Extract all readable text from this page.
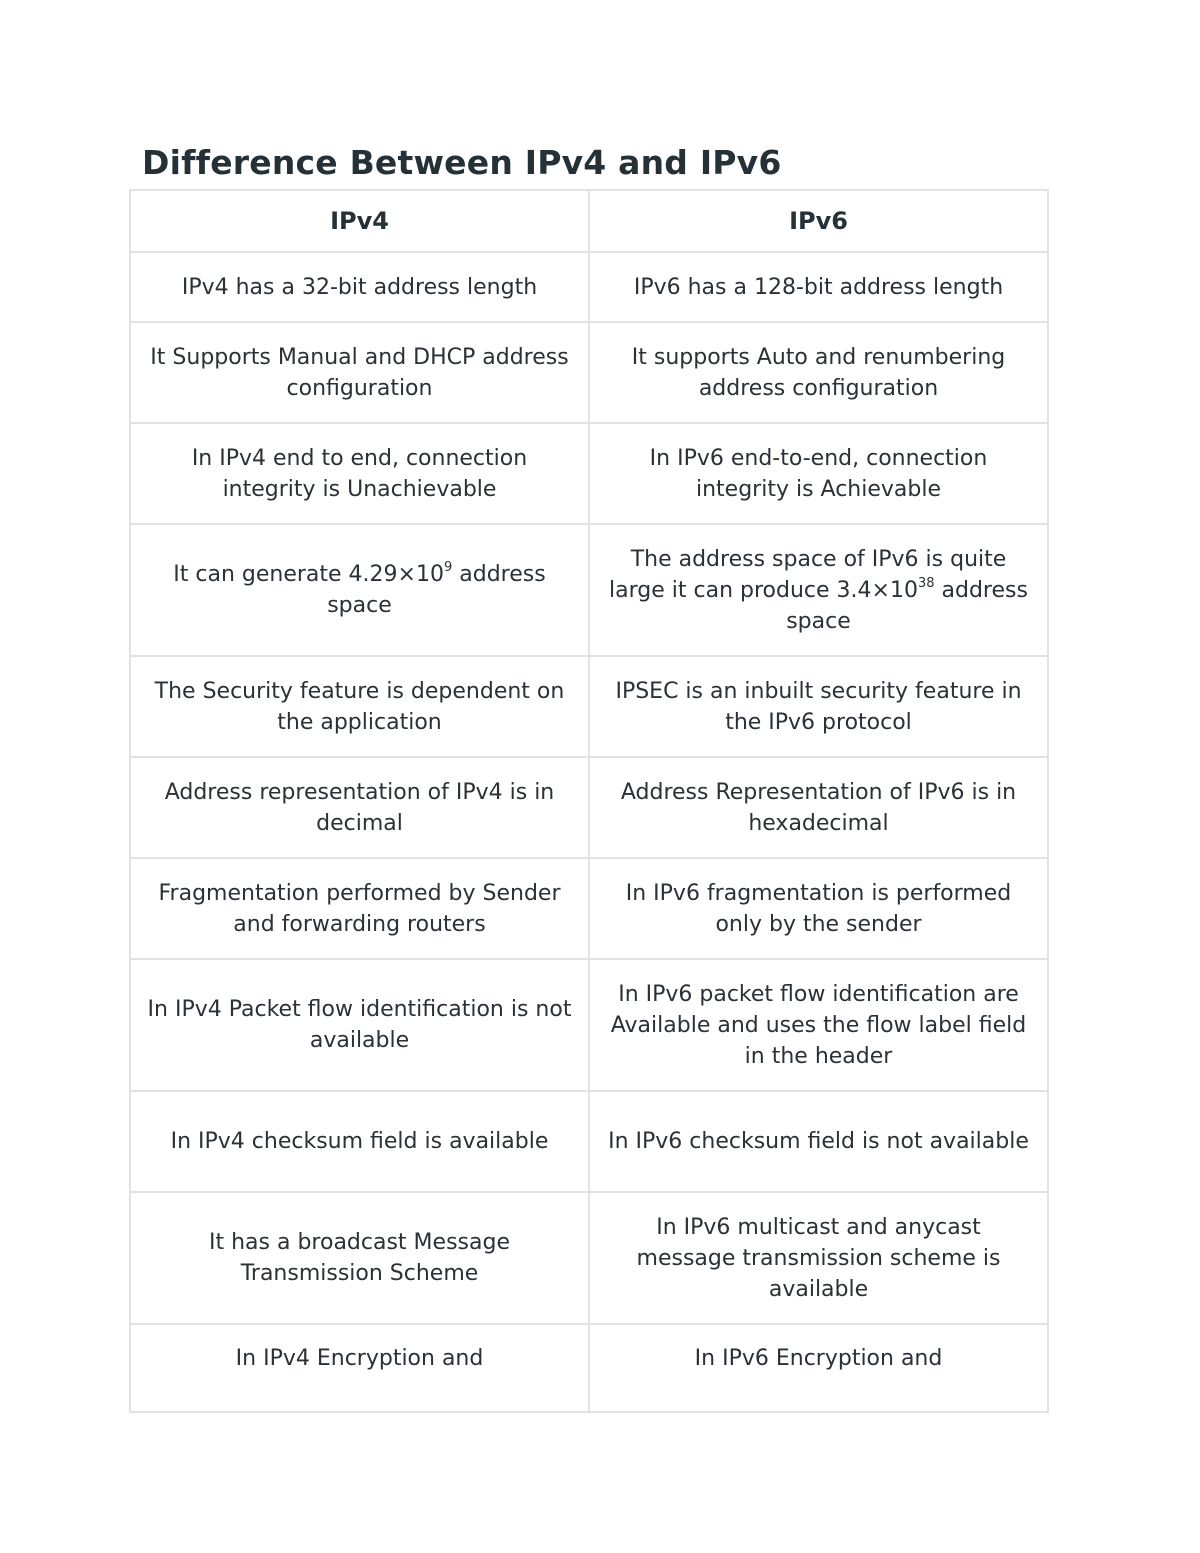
Difference Between IPv4 and IPv6
IPv4	IPv6
IPv4 has a 32-bit address length	IPv6 has a 128-bit address length
It Supports Manual and DHCP address configuration	It supports Auto and renumbering address configuration
In IPv4 end to end, connection integrity is Unachievable	In IPv6 end-to-end, connection integrity is Achievable
It can generate $4.29\times 10^9$ address space	The address space of IPv6 is quite large it can produce $3.4\times 10^{38}$ address space
The Security feature is dependent on the application	IPSEC is an inbuilt security feature in the IPv6 protocol
Address representation of IPv4 is in decimal	Address Representation of IPv6 is in hexadecimal
Fragmentation performed by Sender and forwarding routers	In IPv6 fragmentation is performed only by the sender
In IPv4 Packet flow identification is not available	In IPv6 packet flow identification are Available and uses the flow label field in the header
In IPv4 checksum field is available	In IPv6 checksum field is not available
It has a broadcast Message Transmission Scheme	In IPv6 multicast and anycast message transmission scheme is available
In IPv4 Encryption and	In IPv6 Encryption and
